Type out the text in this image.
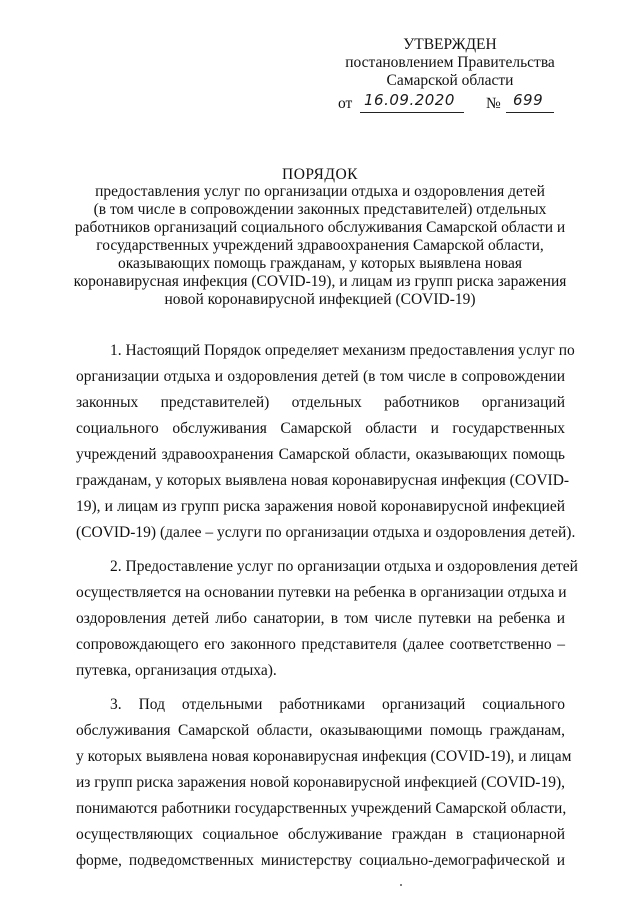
УТВЕРЖДЕН
постановлением Правительства
Самарской области
от 16.09.2020 № 699
ПОРЯДОК
предоставления услуг по организации отдыха и оздоровления детей
(в том числе в сопровождении законных представителей) отдельных
работников организаций социального обслуживания Самарской области и
государственных учреждений здравоохранения Самарской области,
оказывающих помощь гражданам, у которых выявлена новая
коронавирусная инфекция (COVID-19), и лицам из групп риска заражения
новой коронавирусной инфекцией (COVID-19)
1. Настоящий Порядок определяет механизм предоставления услуг по
организации отдыха и оздоровления детей (в том числе в сопровождении
законных представителей) отдельных работников организаций
социального обслуживания Самарской области и государственных
учреждений здравоохранения Самарской области, оказывающих помощь
гражданам, у которых выявлена новая коронавирусная инфекция (COVID-
19), и лицам из групп риска заражения новой коронавирусной инфекцией
(COVID-19) (далее – услуги по организации отдыха и оздоровления детей).
2. Предоставление услуг по организации отдыха и оздоровления детей
осуществляется на основании путевки на ребенка в организации отдыха и
оздоровления детей либо санатории, в том числе путевки на ребенка и
сопровождающего его законного представителя (далее соответственно –
путевка, организация отдыха).
3. Под отдельными работниками организаций социального
обслуживания Самарской области, оказывающими помощь гражданам,
у которых выявлена новая коронавирусная инфекция (COVID-19), и лицам
из групп риска заражения новой коронавирусной инфекцией (COVID-19),
понимаются работники государственных учреждений Самарской области,
осуществляющих социальное обслуживание граждан в стационарной
форме, подведомственных министерству социально-демографической и
